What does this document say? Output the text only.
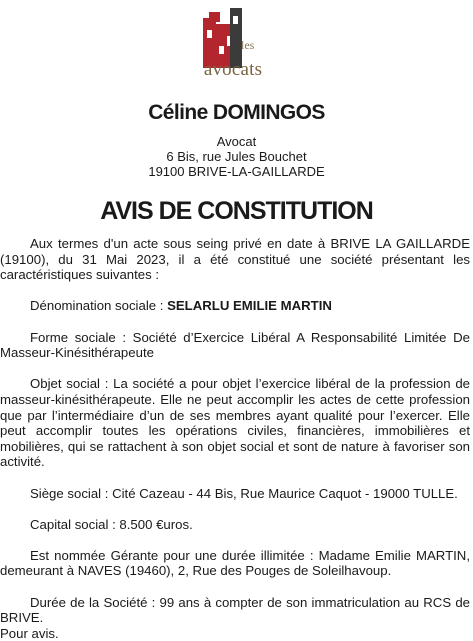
les
avocats
Céline DOMINGOS
Avocat
6 Bis, rue Jules Bouchet
19100 BRIVE-LA-GAILLARDE
AVIS DE CONSTITUTION

Aux termes d'un acte sous seing privé en date à BRIVE LA GAILLARDE (19100), du 31 Mai 2023, il a été constitué une société présentant les caractéristiques suivantes :

Dénomination sociale : SELARLU EMILIE MARTIN

Forme sociale : Société d’Exercice Libéral A Responsabilité Limitée De Masseur-Kinésithérapeute

Objet social : La société a pour objet l’exercice libéral de la profession de masseur-kinésithérapeute. Elle ne peut accomplir les actes de cette profession que par l’intermédiaire d’un de ses membres ayant qualité pour l’exercer. Elle peut accomplir toutes les opérations civiles, financières, immobilières et mobilières, qui se rattachent à son objet social et sont de nature à favoriser son activité.

Siège social : Cité Cazeau - 44 Bis, Rue Maurice Caquot - 19000 TULLE.

Capital social : 8.500 €uros.

Est nommée Gérante pour une durée illimitée : Madame Emilie MARTIN, demeurant à NAVES (19460), 2, Rue des Pouges de Soleilhavoup.

Durée de la Société : 99 ans à compter de son immatriculation au RCS de BRIVE.

Pour avis.
